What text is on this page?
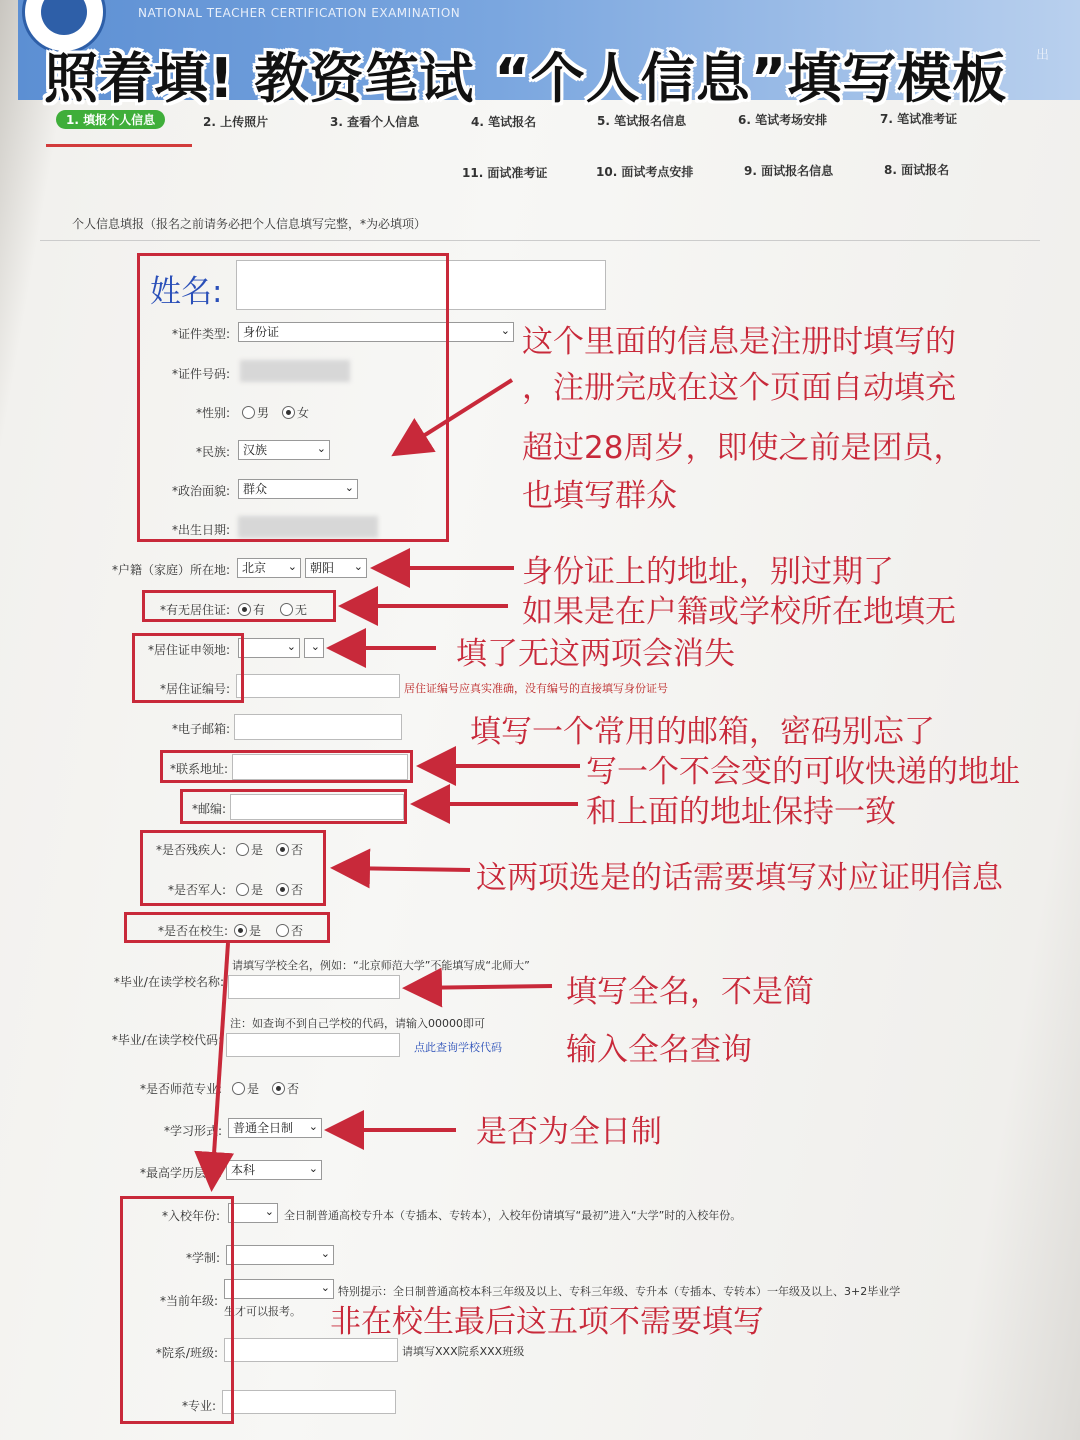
NATIONAL TEACHER CERTIFICATION EXAMINATION
出
照着填! 教资笔试 “个人信息”填写模板
1. 填报个人信息	2. 上传照片	3. 查看个人信息	4. 笔试报名	5. 笔试报名信息	6. 笔试考场安排	7. 笔试准考证
8. 面试报名
9. 面试报名信息
10. 面试考点安排
11. 面试准考证
个人信息填报（报名之前请务必把个人信息填写完整，*为必填项）
姓名:
*证件类型:	身份证	⌄
*证件号码:
*性别:	男	女
*民族:	汉族	⌄
*政治面貌:	群众	⌄
*出生日期:
*户籍（家庭）所在地:	北京 ⌄	朝阳 ⌄
*有无居住证:	有	无
*居住证申领地:	⌄ ⌄
*居住证编号:	居住证编号应真实准确，没有编号的直接填写身份证号
*电子邮箱:
*联系地址:
*邮编:
*是否残疾人:	是	否
*是否军人:	是	否
*是否在校生:	是	否
请填写学校全名，例如：“北京师范大学”不能填写成“北师大”
*毕业/在读学校名称:
注：如查询不到自己学校的代码，请输入00000即可
*毕业/在读学校代码:
点此查询学校代码
*是否师范专业:	是	否
*学习形式: 普通全日制 ⌄
*最高学历层次: 本科	⌄
*入校年份:	⌄ 全日制普通高校专升本（专插本、专转本），入校年份请填写“最初”进入“大学”时的入校年份。
*学制:	⌄
*当前年级:
⌄ 特别提示：全日制普通高校本科三年级及以上、专科三年级、专升本（专插本、专转本）一年级及以上、3+2毕业学
生才可以报考。
*院系/班级:	请填写XXX院系XXX班级
*专业:
这个里面的信息是注册时填写的
，注册完成在这个页面自动填充
超过28周岁，即使之前是团员，
也填写群众
身份证上的地址，别过期了
如果是在户籍或学校所在地填无
填了无这两项会消失
填写一个常用的邮箱，密码别忘了
写一个不会变的可收快递的地址
和上面的地址保持一致
这两项选是的话需要填写对应证明信息
填写全名，不是简
输入全名查询
是否为全日制
非在校生最后这五项不需要填写
